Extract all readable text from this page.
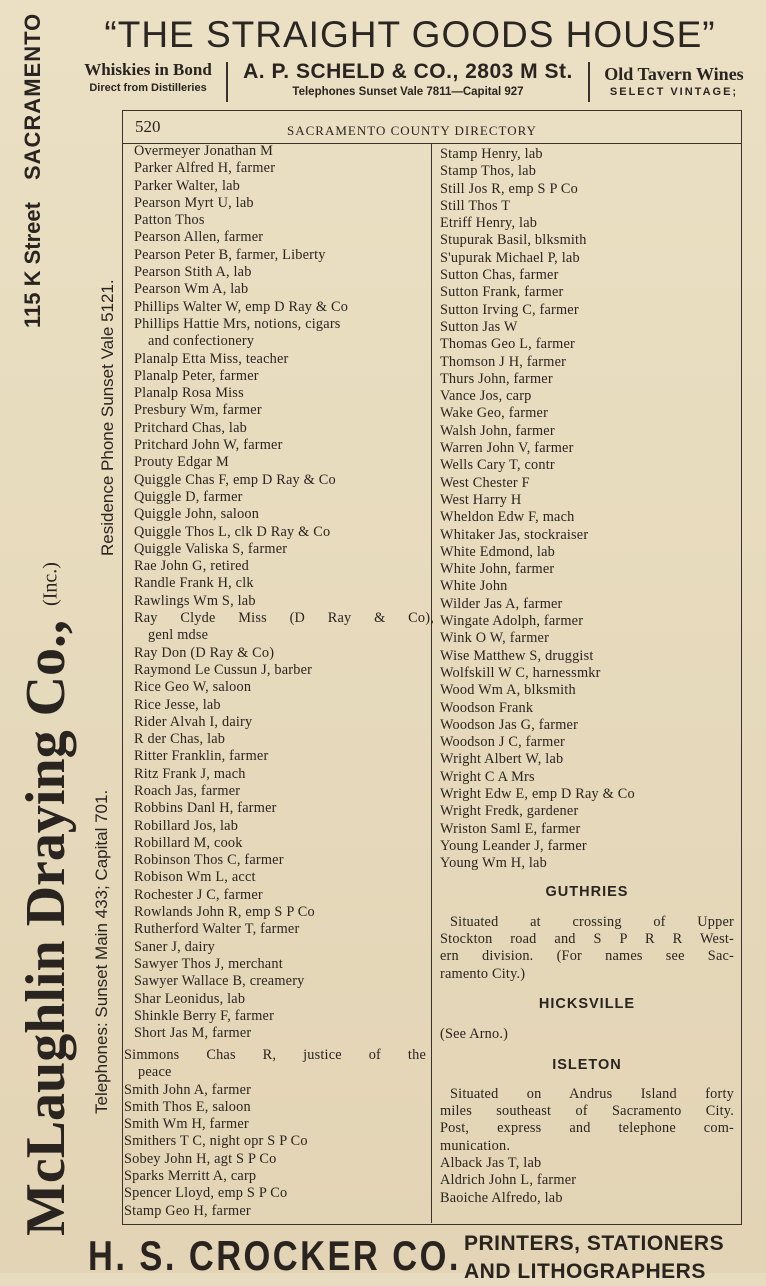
“THE STRAIGHT GOODS HOUSE”
Whiskies in Bond
Direct from Distilleries
A. P. SCHELD & CO., 2803 M St.
Telephones Sunset Vale 7811—Capital 927
Old Tavern Wines
SELECT VINTAGE;
McLaughlin Draying Co., (Inc.)
115 K StreetSACRAMENTO
Telephones: Sunset Main 433; Capital 701.
Residence Phone Sunset Vale 5121.
520	SACRAMENTO COUNTY DIRECTORY
Overmeyer Jonathan M
Parker Alfred H, farmer
Parker Walter, lab
Pearson Myrt U, lab
Patton Thos
Pearson Allen, farmer
Pearson Peter B, farmer, Liberty
Pearson Stith A, lab
Pearson Wm A, lab
Phillips Walter W, emp D Ray & Co
Phillips Hattie Mrs, notions, cigars
and confectionery
Planalp Etta Miss, teacher
Planalp Peter, farmer
Planalp Rosa Miss
Presbury Wm, farmer
Pritchard Chas, lab
Pritchard John W, farmer
Prouty Edgar M
Quiggle Chas F, emp D Ray & Co
Quiggle D, farmer
Quiggle John, saloon
Quiggle Thos L, clk D Ray & Co
Quiggle Valiska S, farmer
Rae John G, retired
Randle Frank H, clk
Rawlings Wm S, lab
Ray Clyde Miss (D Ray & Co),
genl mdse
Ray Don (D Ray & Co)
Raymond Le Cussun J, barber
Rice Geo W, saloon
Rice Jesse, lab
Rider Alvah I, dairy
R der Chas, lab
Ritter Franklin, farmer
Ritz Frank J, mach
Roach Jas, farmer
Robbins Danl H, farmer
Robillard Jos, lab
Robillard M, cook
Robinson Thos C, farmer
Robison Wm L, acct
Rochester J C, farmer
Rowlands John R, emp S P Co
Rutherford Walter T, farmer
Saner J, dairy
Sawyer Thos J, merchant
Sawyer Wallace B, creamery
Shar Leonidus, lab
Shinkle Berry F, farmer
Short Jas M, farmer
Simmons Chas R, justice of the
peace
Smith John A, farmer
Smith Thos E, saloon
Smith Wm H, farmer
Smithers T C, night opr S P Co
Sobey John H, agt S P Co
Sparks Merritt A, carp
Spencer Lloyd, emp S P Co
Stamp Geo H, farmer
Stamp Henry, lab
Stamp Thos, lab
Still Jos R, emp S P Co
Still Thos T
Etriff Henry, lab
Stupurak Basil, blksmith
S'upurak Michael P, lab
Sutton Chas, farmer
Sutton Frank, farmer
Sutton Irving C, farmer
Sutton Jas W
Thomas Geo L, farmer
Thomson J H, farmer
Thurs John, farmer
Vance Jos, carp
Wake Geo, farmer
Walsh John, farmer
Warren John V, farmer
Wells Cary T, contr
West Chester F
West Harry H
Wheldon Edw F, mach
Whitaker Jas, stockraiser
White Edmond, lab
White John, farmer
White John
Wilder Jas A, farmer
Wingate Adolph, farmer
Wink O W, farmer
Wise Matthew S, druggist
Wolfskill W C, harnessmkr
Wood Wm A, blksmith
Woodson Frank
Woodson Jas G, farmer
Woodson J C, farmer
Wright Albert W, lab
Wright C A Mrs
Wright Edw E, emp D Ray & Co
Wright Fredk, gardener
Wriston Saml E, farmer
Young Leander J, farmer
Young Wm H, lab
GUTHRIES
Situated at crossing of Upper
Stockton road and S P R R West-
ern division. (For names see Sac-
ramento City.)
HICKSVILLE
(See Arno.)
ISLETON
Situated on Andrus Island forty
miles southeast of Sacramento City.
Post, express and telephone com-
munication.
Alback Jas T, lab
Aldrich John L, farmer
Baoiche Alfredo, lab
H. S. CROCKER CO. PRINTERS, STATIONERS
AND LITHOGRAPHERS
